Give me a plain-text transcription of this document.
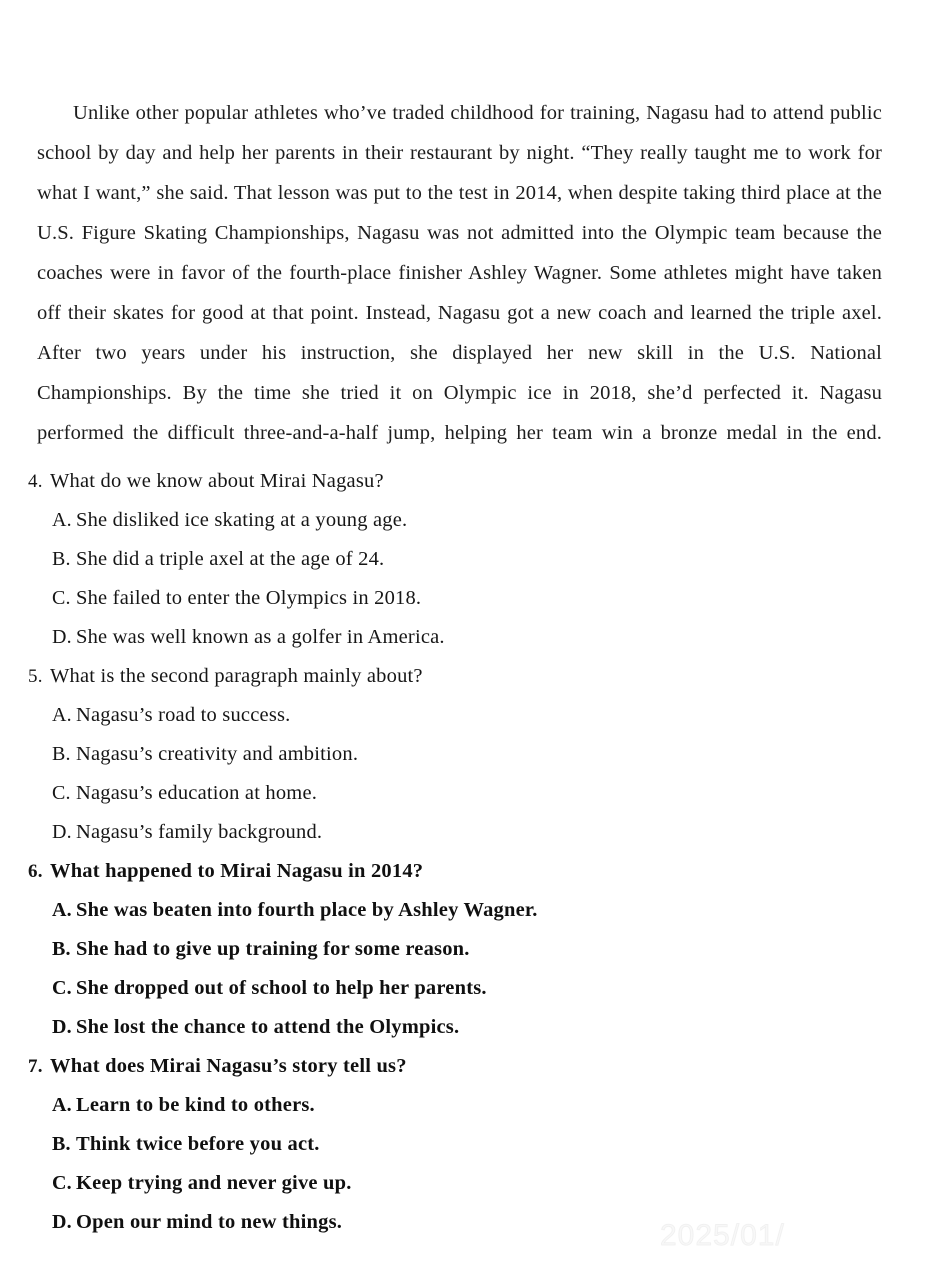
Unlike other popular athletes who’ve traded childhood for training, Nagasu had to attend public school by day and help her parents in their restaurant by night. “They really taught me to work for what I want,” she said. That lesson was put to the test in 2014, when despite taking third place at the U.S. Figure Skating Championships, Nagasu was not admitted into the Olympic team because the coaches were in favor of the fourth-place finisher Ashley Wagner. Some athletes might have taken off their skates for good at that point. Instead, Nagasu got a new coach and learned the triple axel. After two years under his instruction, she displayed her new skill in the U.S. National Championships. By the time she tried it on Olympic ice in 2018, she’d perfected it. Nagasu performed the difficult three-and-a-half jump, helping her team win a bronze medal in the end.

4. What do we know about Mirai Nagasu?
A. She disliked ice skating at a young age.
B. She did a triple axel at the age of 24.
C. She failed to enter the Olympics in 2018.
D. She was well known as a golfer in America.
5. What is the second paragraph mainly about?
A. Nagasu’s road to success.
B. Nagasu’s creativity and ambition.
C. Nagasu’s education at home.
D. Nagasu’s family background.
6. What happened to Mirai Nagasu in 2014?
A. She was beaten into fourth place by Ashley Wagner.
B. She had to give up training for some reason.
C. She dropped out of school to help her parents.
D. She lost the chance to attend the Olympics.
7. What does Mirai Nagasu’s story tell us?
A. Learn to be kind to others.
B. Think twice before you act.
C. Keep trying and never give up.
D. Open our mind to new things.	2025/01/
